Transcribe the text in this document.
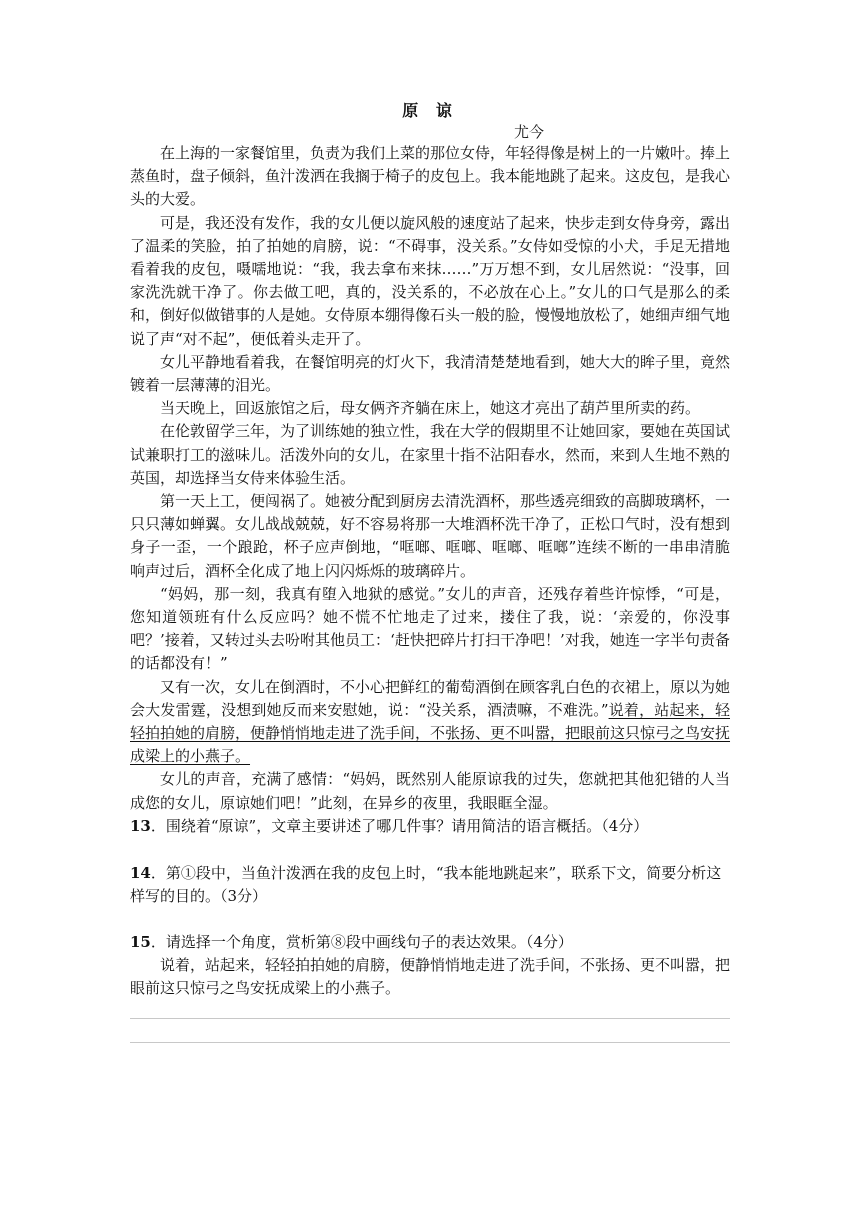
原 谅

尤今

在上海的一家餐馆里，负责为我们上菜的那位女侍，年轻得像是树上的一片嫩叶。捧上蒸鱼时，盘子倾斜，鱼汁泼洒在我搁于椅子的皮包上。我本能地跳了起来。这皮包，是我心头的大爱。

可是，我还没有发作，我的女儿便以旋风般的速度站了起来，快步走到女侍身旁，露出了温柔的笑脸，拍了拍她的肩膀，说：“不碍事，没关系。”女侍如受惊的小犬，手足无措地看着我的皮包，嗫嚅地说：“我，我去拿布来抹……”万万想不到，女儿居然说：“没事，回家洗洗就干净了。你去做工吧，真的，没关系的，不必放在心上。”女儿的口气是那么的柔和，倒好似做错事的人是她。女侍原本绷得像石头一般的脸，慢慢地放松了，她细声细气地说了声“对不起”，便低着头走开了。

女儿平静地看着我，在餐馆明亮的灯火下，我清清楚楚地看到，她大大的眸子里，竟然镀着一层薄薄的泪光。

当天晚上，回返旅馆之后，母女俩齐齐躺在床上，她这才亮出了葫芦里所卖的药。

在伦敦留学三年，为了训练她的独立性，我在大学的假期里不让她回家，要她在英国试试兼职打工的滋味儿。活泼外向的女儿，在家里十指不沾阳春水，然而，来到人生地不熟的英国，却选择当女侍来体验生活。

第一天上工，便闯祸了。她被分配到厨房去清洗酒杯，那些透亮细致的高脚玻璃杯，一只只薄如蝉翼。女儿战战兢兢，好不容易将那一大堆酒杯洗干净了，正松口气时，没有想到身子一歪，一个踉跄，杯子应声倒地，“哐啷、哐啷、哐啷、哐啷”连续不断的一串串清脆响声过后，酒杯全化成了地上闪闪烁烁的玻璃碎片。

“妈妈，那一刻，我真有堕入地狱的感觉。”女儿的声音，还残存着些许惊悸，“可是，您知道领班有什么反应吗？她不慌不忙地走了过来，搂住了我，说：‘亲爱的，你没事吧？’接着，又转过头去吩咐其他员工：‘赶快把碎片打扫干净吧！’对我，她连一字半句责备的话都没有！”

又有一次，女儿在倒酒时，不小心把鲜红的葡萄酒倒在顾客乳白色的衣裙上，原以为她会大发雷霆，没想到她反而来安慰她，说：“没关系，酒渍嘛，不难洗。”说着，站起来，轻轻拍拍她的肩膀，便静悄悄地走进了洗手间，不张扬、更不叫嚣，把眼前这只惊弓之鸟安抚成梁上的小燕子。

女儿的声音，充满了感情：“妈妈，既然别人能原谅我的过失，您就把其他犯错的人当成您的女儿，原谅她们吧！”此刻，在异乡的夜里，我眼眶全湿。

13．围绕着“原谅”，文章主要讲述了哪几件事？请用简洁的语言概括。（4分）

14．第①段中，当鱼汁泼洒在我的皮包上时，“我本能地跳起来”，联系下文，简要分析这样写的目的。（3分）

15．请选择一个角度，赏析第⑧段中画线句子的表达效果。（4分）

说着，站起来，轻轻拍拍她的肩膀，便静悄悄地走进了洗手间，不张扬、更不叫嚣，把眼前这只惊弓之鸟安抚成梁上的小燕子。
